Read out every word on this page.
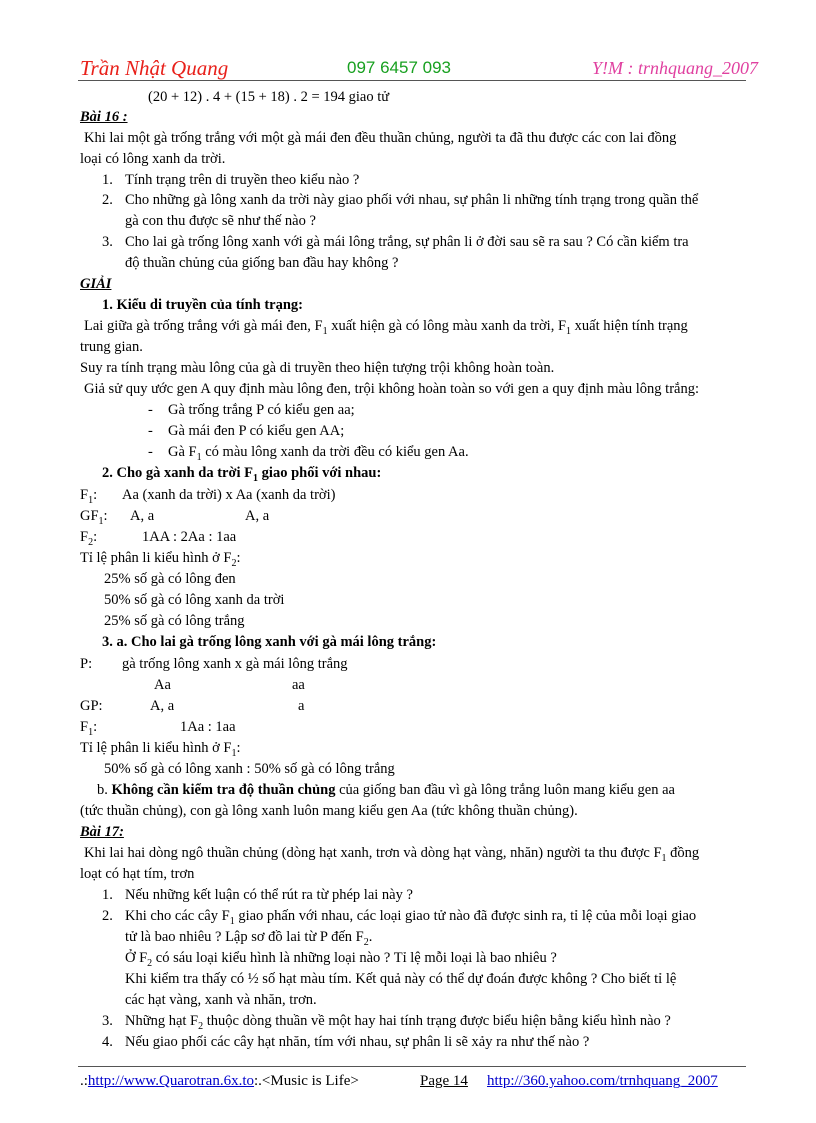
Trần Nhật Quang	097 6457 093	Y!M : trnhquang_2007
(20 + 12) . 4 + (15 + 18) . 2 = 194 giao tử
Bài 16 :
Khi lai một gà trống trắng với một gà mái đen đều thuần chủng, người ta đã thu được các con lai đồng
loại có lông xanh da trời.
1. Tính trạng trên di truyền theo kiểu nào ?
2. Cho những gà lông xanh da trời này giao phối với nhau, sự phân li những tính trạng trong quần thể
gà con thu được sẽ như thế nào ?
3. Cho lai gà trống lông xanh với gà mái lông trắng, sự phân li ở đời sau sẽ ra sau ? Có cần kiểm tra
độ thuần chủng của giống ban đầu hay không ?
GIẢI
1. Kiểu di truyền của tính trạng:
Lai giữa gà trống trắng với gà mái đen, $F_1$ xuất hiện gà có lông màu xanh da trời, $F_1$ xuất hiện tính trạng
trung gian.
Suy ra tính trạng màu lông của gà di truyền theo hiện tượng trội không hoàn toàn.
Giả sử quy ước gen A quy định màu lông đen, trội không hoàn toàn so với gen a quy định màu lông trắng:
- Gà trống trắng P có kiểu gen aa;
- Gà mái đen P có kiểu gen AA;
- Gà $F_1$ có màu lông xanh da trời đều có kiểu gen Aa.
2. Cho gà xanh da trời $F_1$ giao phối với nhau:
$F_1$: Aa (xanh da trời) x Aa (xanh da trời)
$GF_1$: A, a	A, a
$F_2$:	1AA : 2Aa : 1aa
Tỉ lệ phân li kiểu hình ở $F_2$:
25% số gà có lông đen
50% số gà có lông xanh da trời
25% số gà có lông trắng
3. a. Cho lai gà trống lông xanh với gà mái lông trắng:
P: gà trống lông xanh x gà mái lông trắng
Aa	aa
GP:	A, a	a
$F_1$:	1Aa : 1aa
Tỉ lệ phân li kiểu hình ở $F_1$:
50% số gà có lông xanh : 50% số gà có lông trắng
b. Không cần kiểm tra độ thuần chủng của giống ban đầu vì gà lông trắng luôn mang kiểu gen aa
(tức thuần chủng), con gà lông xanh luôn mang kiểu gen Aa (tức không thuần chủng).
Bài 17:
Khi lai hai dòng ngô thuần chủng (dòng hạt xanh, trơn và dòng hạt vàng, nhăn) người ta thu được $F_1$ đồng
loạt có hạt tím, trơn
1. Nếu những kết luận có thể rút ra từ phép lai này ?
2. Khi cho các cây $F_1$ giao phấn với nhau, các loại giao tử nào đã được sinh ra, tỉ lệ của mỗi loại giao
tử là bao nhiêu ? Lập sơ đồ lai từ P đến $F_2$.
Ở $F_2$ có sáu loại kiểu hình là những loại nào ? Tỉ lệ mỗi loại là bao nhiêu ?
Khi kiểm tra thấy có ½ số hạt màu tím. Kết quả này có thể dự đoán được không ? Cho biết tỉ lệ
các hạt vàng, xanh và nhăn, trơn.
3. Những hạt $F_2$ thuộc dòng thuần về một hay hai tính trạng được biểu hiện bằng kiểu hình nào ?
4. Nếu giao phối các cây hạt nhăn, tím với nhau, sự phân li sẽ xảy ra như thế nào ?
.:http://www.Quarotran.6x.to:.<Music is Life>	Page 14 http://360.yahoo.com/trnhquang_2007
